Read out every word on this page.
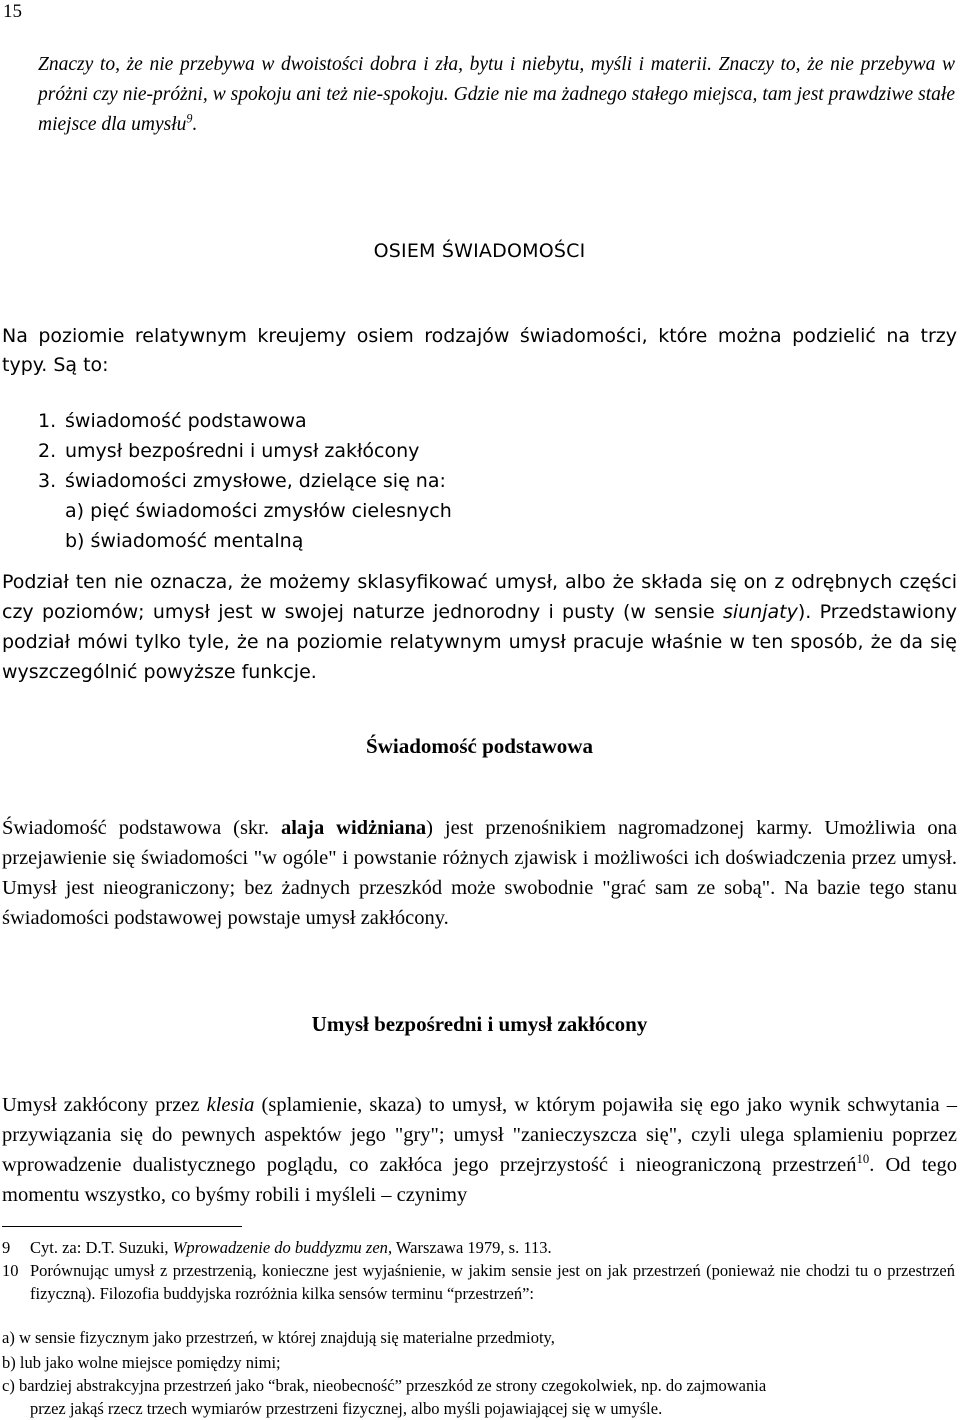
15
Znaczy to, że nie przebywa w dwoistości dobra i zła, bytu i niebytu, myśli i materii. Znaczy to, że nie przebywa w próżni czy nie-próżni, w spokoju ani też nie-spokoju. Gdzie nie ma żadnego stałego miejsca, tam jest prawdziwe stałe miejsce dla umysłu$^9$.
OSIEM ŚWIADOMOŚCI
Na poziomie relatywnym kreujemy osiem rodzajów świadomości, które można podzielić na trzy typy. Są to:
1. świadomość podstawowa
2. umysł bezpośredni i umysł zakłócony
3. świadomości zmysłowe, dzielące się na:
a) pięć świadomości zmysłów cielesnych
b) świadomość mentalną
Podział ten nie oznacza, że możemy sklasyfikować umysł, albo że składa się on z odrębnych części czy poziomów; umysł jest w swojej naturze jednorodny i pusty (w sensie siunjaty). Przedstawiony podział mówi tylko tyle, że na poziomie relatywnym umysł pracuje właśnie w ten sposób, że da się wyszczególnić powyższe funkcje.
Świadomość podstawowa
Świadomość podstawowa (skr. alaja widżniana) jest przenośnikiem nagromadzonej karmy. Umożliwia ona przejawienie się świadomości "w ogóle" i powstanie różnych zjawisk i możliwości ich doświadczenia przez umysł. Umysł jest nieograniczony; bez żadnych przeszkód może swobodnie "grać sam ze sobą". Na bazie tego stanu świadomości podstawowej powstaje umysł zakłócony.
Umysł bezpośredni i umysł zakłócony
Umysł zakłócony przez klesia (splamienie, skaza) to umysł, w którym pojawiła się ego jako wynik schwytania – przywiązania się do pewnych aspektów jego "gry"; umysł "zanieczyszcza się", czyli ulega splamieniu poprzez wprowadzenie dualistycznego poglądu, co zakłóca jego przejrzystość i nieograniczoną przestrzeń$^{10}$. Od tego momentu wszystko, co byśmy robili i myśleli – czynimy
9 Cyt. za: D.T. Suzuki, Wprowadzenie do buddyzmu zen, Warszawa 1979, s. 113.
10 Porównując umysł z przestrzenią, konieczne jest wyjaśnienie, w jakim sensie jest on jak przestrzeń (ponieważ nie chodzi tu o przestrzeń fizyczną). Filozofia buddyjska rozróżnia kilka sensów terminu “przestrzeń”:
a) w sensie fizycznym jako przestrzeń, w której znajdują się materialne przedmioty,
b) lub jako wolne miejsce pomiędzy nimi;
c) bardziej abstrakcyjna przestrzeń jako “brak, nieobecność” przeszkód ze strony czegokolwiek, np. do zajmowania
przez jakąś rzecz trzech wymiarów przestrzeni fizycznej, albo myśli pojawiającej się w umyśle.
